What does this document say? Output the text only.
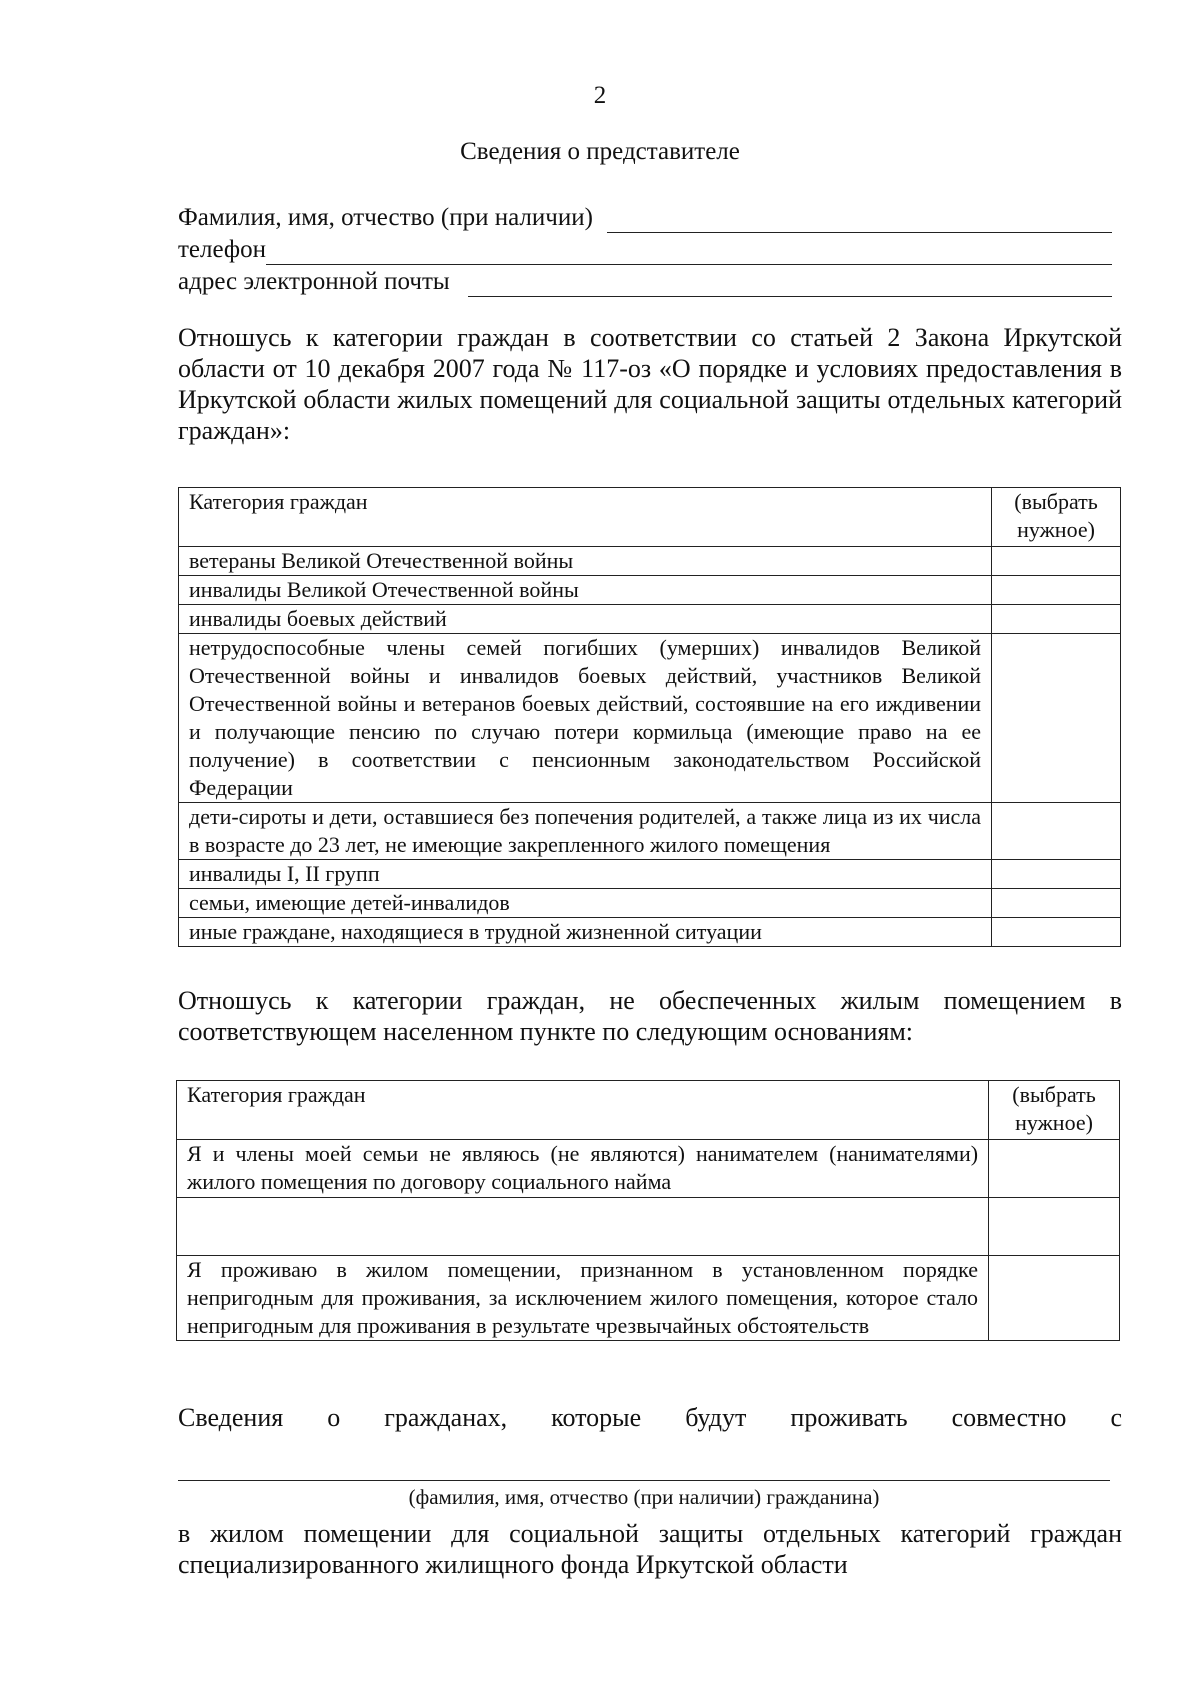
2
Сведения о представителе
Фамилия, имя, отчество (при наличии)
телефон
адрес электронной почты
Отношусь к категории граждан в соответствии со статьей 2 Закона Иркутской области от 10 декабря 2007 года № 117-оз «О порядке и условиях предоставления в Иркутской области жилых помещений для социальной защиты отдельных категорий граждан»:
Категория граждан	(выбрать нужное)
ветераны Великой Отечественной войны	
инвалиды Великой Отечественной войны	
инвалиды боевых действий	
нетрудоспособные члены семей погибших (умерших) инвалидов Великой Отечественной войны и инвалидов боевых действий, участников Великой Отечественной войны и ветеранов боевых действий, состоявшие на его иждивении и получающие пенсию по случаю потери кормильца (имеющие право на ее получение) в соответствии с пенсионным законодательством Российской Федерации	
дети-сироты и дети, оставшиеся без попечения родителей, а также лица из их числа в возрасте до 23 лет, не имеющие закрепленного жилого помещения	
инвалиды I, II групп	
семьи, имеющие детей-инвалидов	
иные граждане, находящиеся в трудной жизненной ситуации	
Отношусь к категории граждан, не обеспеченных жилым помещением в соответствующем населенном пункте по следующим основаниям:
Категория граждан	(выбрать нужное)
Я и члены моей семьи не являюсь (не являются) нанимателем (нанимателями) жилого помещения по договору социального найма	

Я проживаю в жилом помещении, признанном в установленном порядке непригодным для проживания, за исключением жилого помещения, которое стало непригодным для проживания в результате чрезвычайных обстоятельств	
Сведения о гражданах, которые будут проживать совместно с
(фамилия, имя, отчество (при наличии) гражданина)
в жилом помещении для социальной защиты отдельных категорий граждан специализированного жилищного фонда Иркутской области
